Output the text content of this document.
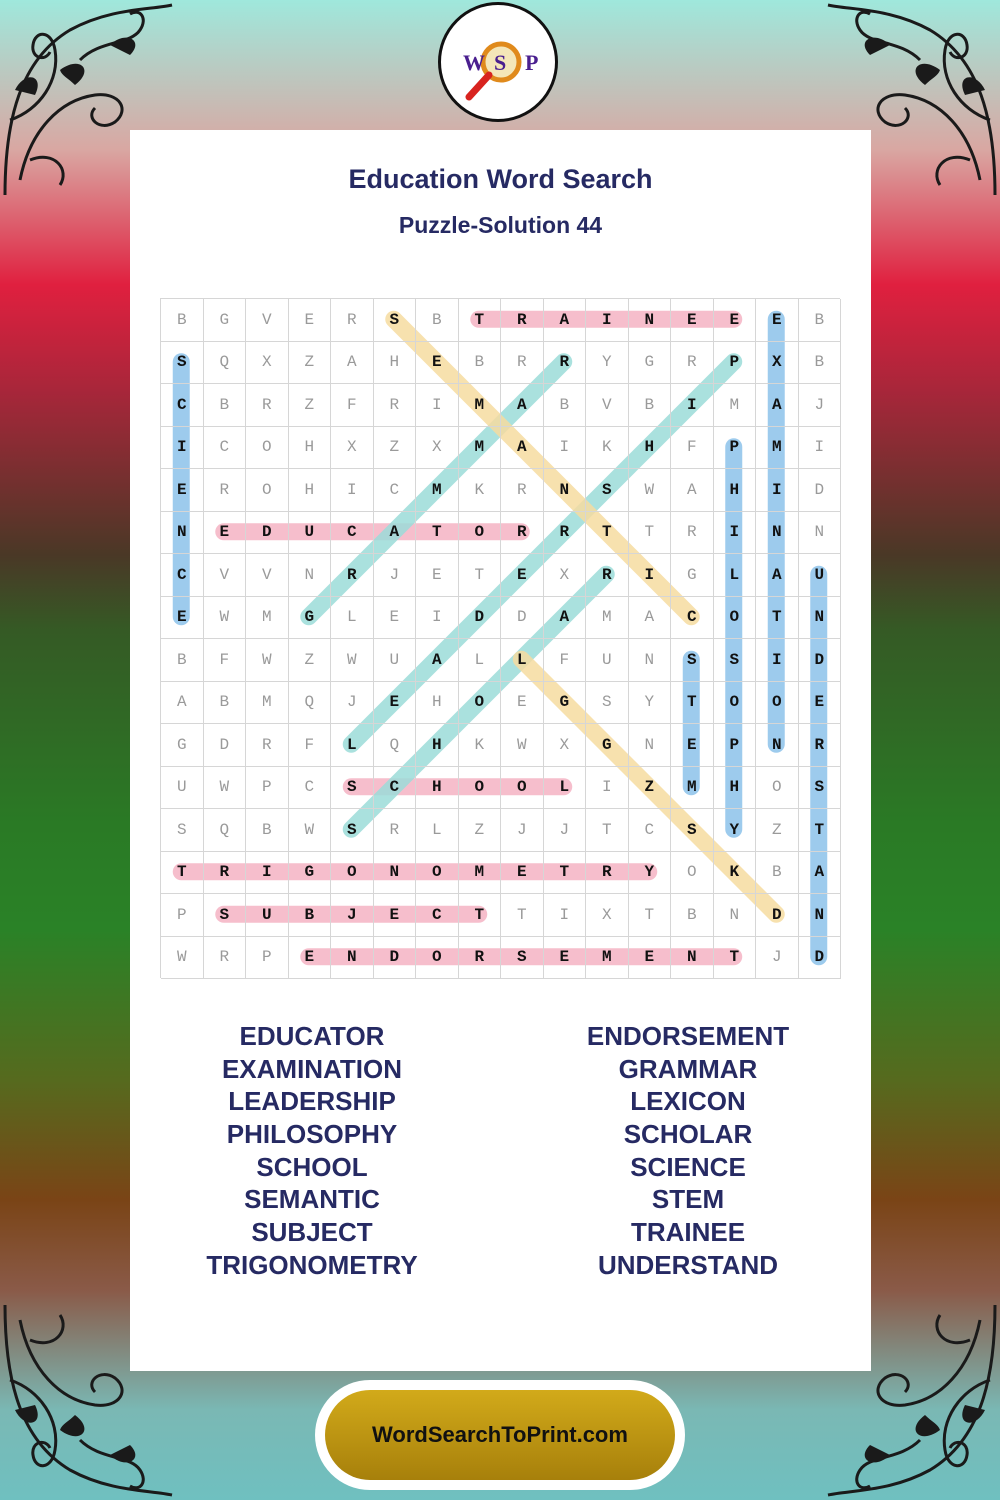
W S P
Education Word Search
Puzzle-Solution 44
B	G	V	E	R	S	B	T	R	A	I	N	E	E	E	B
S	Q	X	Z	A	H	E	B	R	R	Y	G	R	P	X	B
C	B	R	Z	F	R	I	M	A	B	V	B	I	M	A	J
I	C	O	H	X	Z	X	M	A	I	K	H	F	P	M	I
E	R	O	H	I	C	M	K	R	N	S	W	A	H	I	D
N	E	D	U	C	A	T	O	R	R	T	T	R	I	N	N
C	V	V	N	R	J	E	T	E	X	R	I	G	L	A	U
E	W	M	G	L	E	I	D	D	A	M	A	C	O	T	N
B	F	W	Z	W	U	A	L	L	F	U	N	S	S	I	D
A	B	M	Q	J	E	H	O	E	G	S	Y	T	O	O	E
G	D	R	F	L	Q	H	K	W	X	G	N	E	P	N	R
U	W	P	C	S	C	H	O	O	L	I	Z	M	H	O	S
S	Q	B	W	S	R	L	Z	J	J	T	C	S	Y	Z	T
T	R	I	G	O	N	O	M	E	T	R	Y	O	K	B	A
P	S	U	B	J	E	C	T	T	I	X	T	B	N	D	N
W	R	P	E	N	D	O	R	S	E	M	E	N	T	J	D
EDUCATOR
EXAMINATION
LEADERSHIP
PHILOSOPHY
SCHOOL
SEMANTIC
SUBJECT
TRIGONOMETRY
ENDORSEMENT
GRAMMAR
LEXICON
SCHOLAR
SCIENCE
STEM
TRAINEE
UNDERSTAND
WordSearchToPrint.com
